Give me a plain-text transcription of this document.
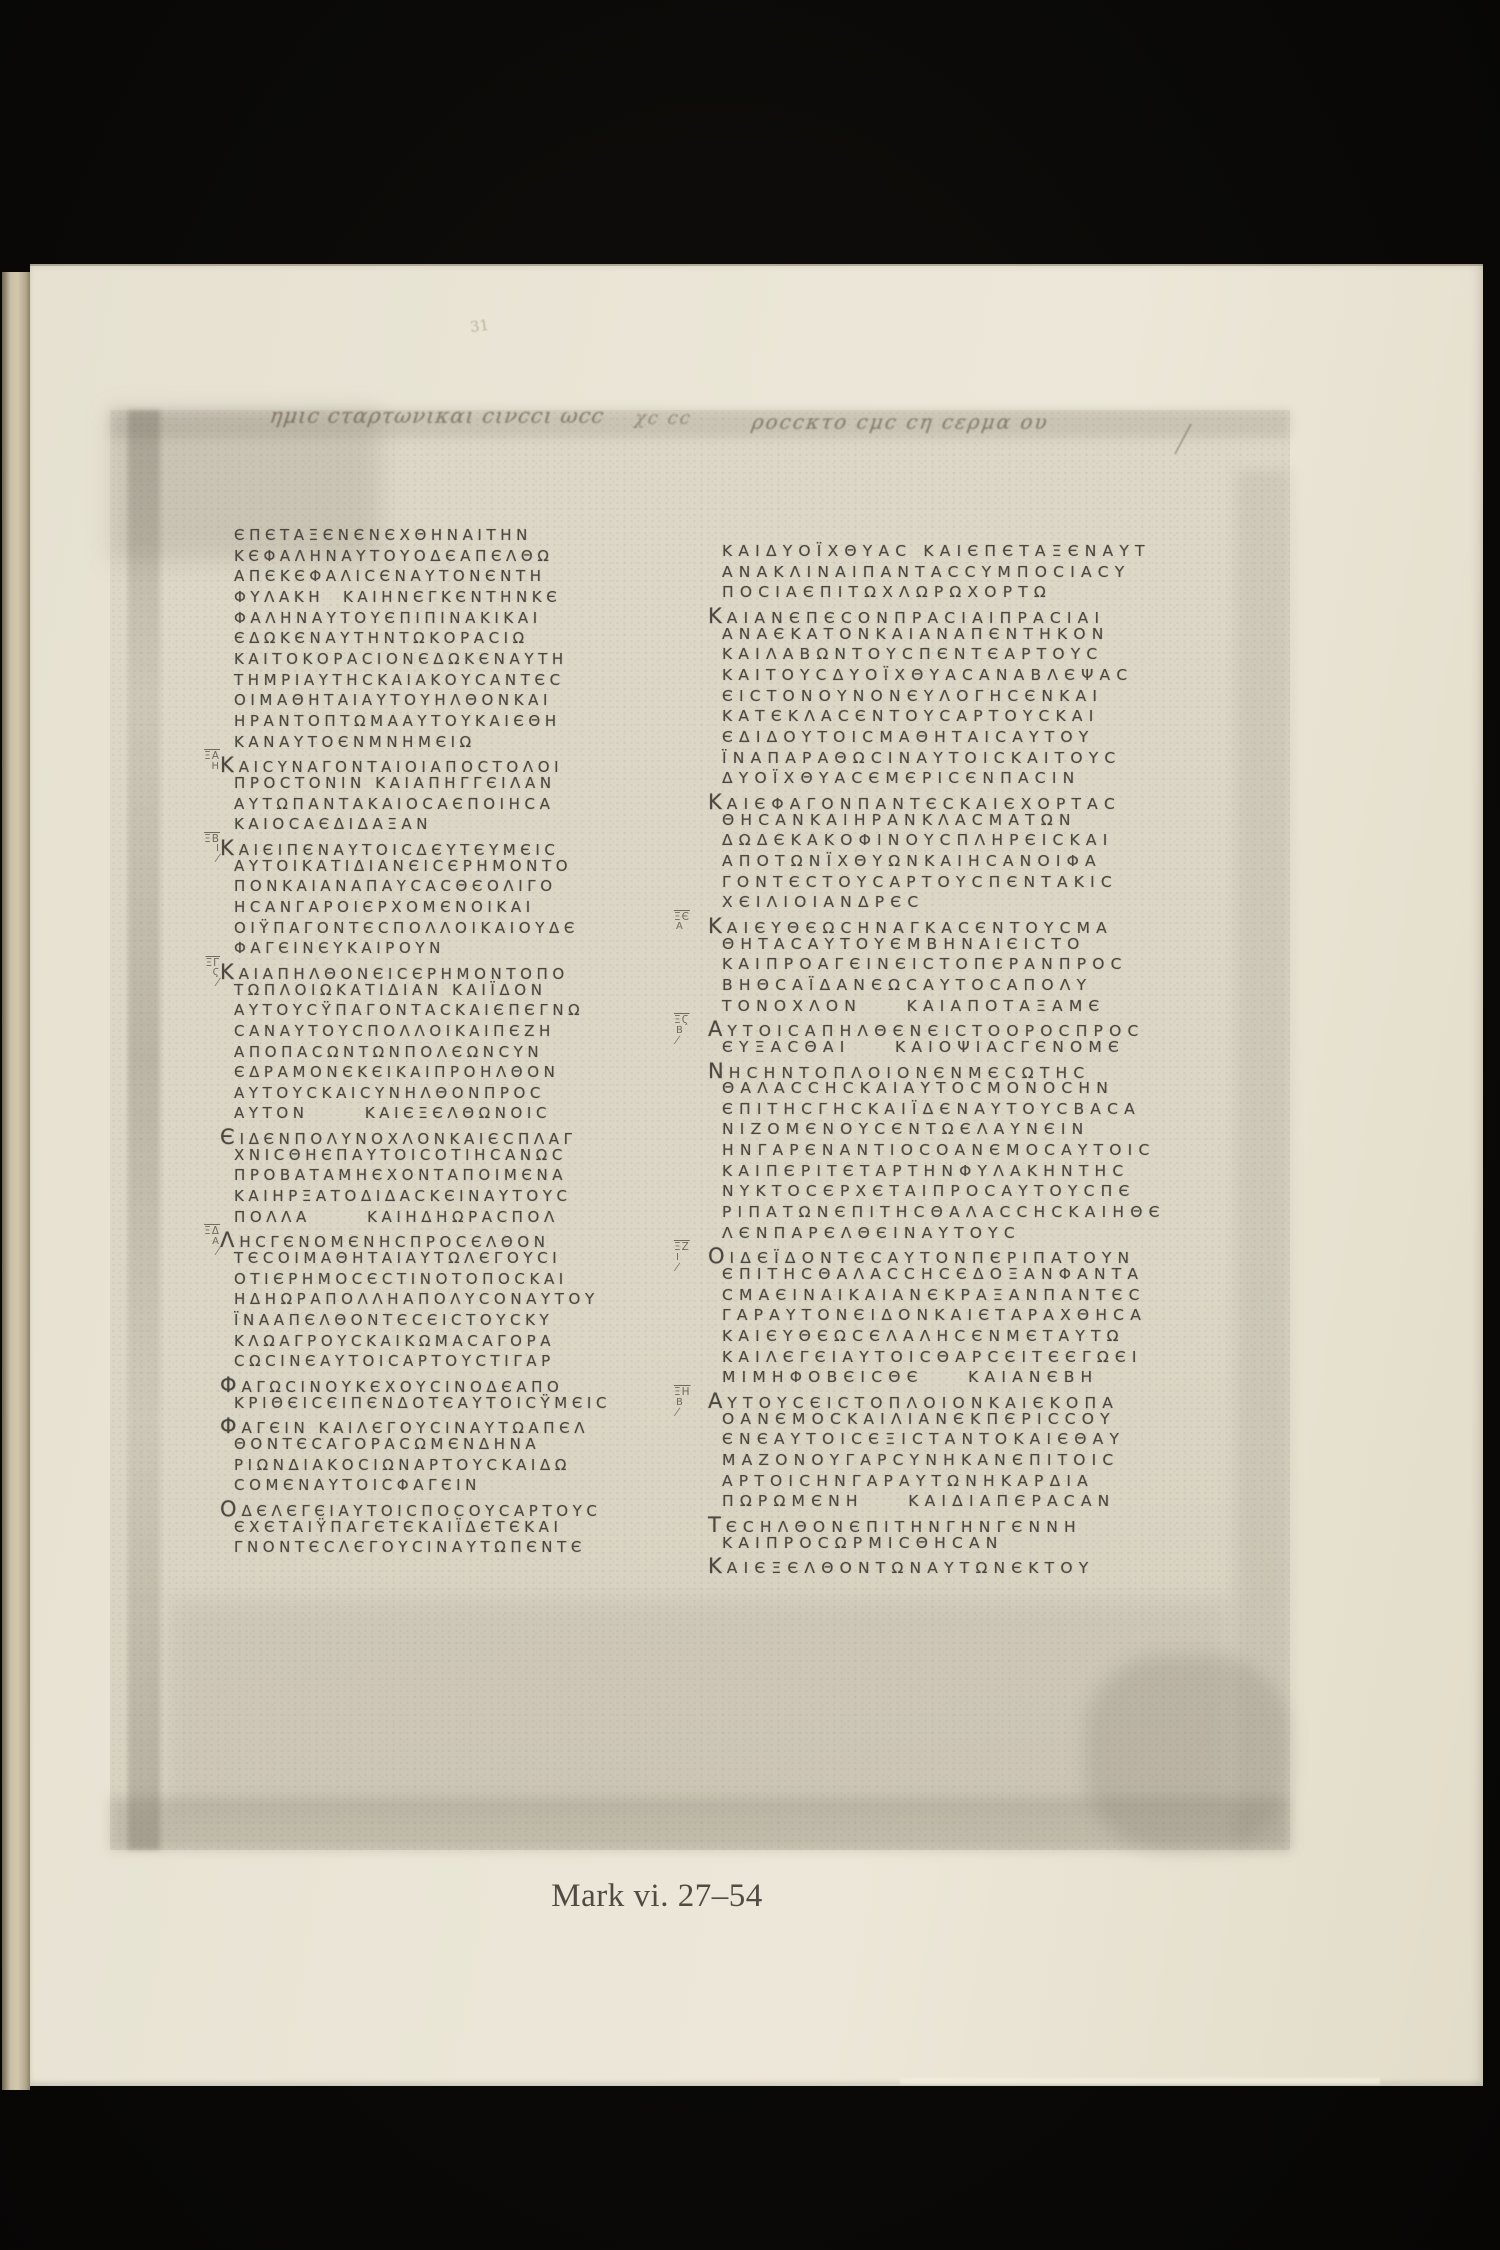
ημιϲ ϲταρτωνικαι ϲινϲϲι ωϲϲ χϲ ϲϲ	ροϲϲκτο ϲμϲ ϲη ϲερμα ου
ЄΠЄΤΑΞЄΝЄΝЄΧΘΗΝΑΙΤΗΝ
ΚЄΦΑΛΗΝΑΥΤΟΥΟΔЄΑΠЄΛΘΩ
ΑΠЄΚЄΦΑΛΙϹЄΝΑΥΤΟΝЄΝΤΗ
ΦΥΛΑΚΗ  ΚΑΙΗΝЄΓΚЄΝΤΗΝΚЄ
ΦΑΛΗΝΑΥΤΟΥЄΠΙΠΙΝΑΚΙΚΑΙ
ЄΔΩΚЄΝΑΥΤΗΝΤΩΚΟΡΑϹΙΩ
ΚΑΙΤΟΚΟΡΑϹΙΟΝЄΔΩΚЄΝΑΥΤΗ
ΤΗΜΡΙΑΥΤΗϹΚΑΙΑΚΟΥϹΑΝΤЄϹ
ΟΙΜΑΘΗΤΑΙΑΥΤΟΥΗΛΘΟΝΚΑΙ
ΗΡΑΝΤΟΠΤΩΜΑΑΥΤΟΥΚΑΙЄΘΗ
ΚΑΝΑΥΤΟЄΝΜΝΗΜЄΙΩ
ΚΑΙϹΥΝΑΓΟΝΤΑΙΟΙΑΠΟϹΤΟΛΟΙ
ΠΡΟϹΤΟΝΙΝ ΚΑΙΑΠΗΓΓЄΙΛΑΝ
ΑΥΤΩΠΑΝΤΑΚΑΙΟϹΑЄΠΟΙΗϹΑ
ΚΑΙΟϹΑЄΔΙΔΑΞΑΝ
ΚΑΙЄΙΠЄΝΑΥΤΟΙϹΔЄΥΤЄΥΜЄΙϹ
ΑΥΤΟΙΚΑΤΙΔΙΑΝЄΙϹЄΡΗΜΟΝΤΟ
ΠΟΝΚΑΙΑΝΑΠΑΥϹΑϹΘЄΟΛΙΓΟ
ΗϹΑΝΓΑΡΟΙЄΡΧΟΜЄΝΟΙΚΑΙ
ΟΙΫΠΑΓΟΝΤЄϹΠΟΛΛΟΙΚΑΙΟΥΔЄ
ΦΑΓЄΙΝЄΥΚΑΙΡΟΥΝ
ΚΑΙΑΠΗΛΘΟΝЄΙϹЄΡΗΜΟΝΤΟΠΟ
ΤΩΠΛΟΙΩΚΑΤΙΔΙΑΝ ΚΑΙΪΔΟΝ
ΑΥΤΟΥϹΫΠΑΓΟΝΤΑϹΚΑΙЄΠЄΓΝΩ
ϹΑΝΑΥΤΟΥϹΠΟΛΛΟΙΚΑΙΠЄΖΗ
ΑΠΟΠΑϹΩΝΤΩΝΠΟΛЄΩΝϹΥΝ
ЄΔΡΑΜΟΝЄΚЄΙΚΑΙΠΡΟΗΛΘΟΝ
ΑΥΤΟΥϹΚΑΙϹΥΝΗΛΘΟΝΠΡΟϹ
ΑΥΤΟΝ      ΚΑΙЄΞЄΛΘΩΝΟΙϹ
ЄΙΔЄΝΠΟΛΥΝΟΧΛΟΝΚΑΙЄϹΠΛΑΓ
ΧΝΙϹΘΗЄΠΑΥΤΟΙϹΟΤΙΗϹΑΝΩϹ
ΠΡΟΒΑΤΑΜΗЄΧΟΝΤΑΠΟΙΜЄΝΑ
ΚΑΙΗΡΞΑΤΟΔΙΔΑϹΚЄΙΝΑΥΤΟΥϹ
ΠΟΛΛΑ      ΚΑΙΗΔΗΩΡΑϹΠΟΛ
ΛΗϹΓЄΝΟΜЄΝΗϹΠΡΟϹЄΛΘΟΝ
ΤЄϹΟΙΜΑΘΗΤΑΙΑΥΤΩΛЄΓΟΥϹΙ
ΟΤΙЄΡΗΜΟϹЄϹΤΙΝΟΤΟΠΟϹΚΑΙ
ΗΔΗΩΡΑΠΟΛΛΗΑΠΟΛΥϹΟΝΑΥΤΟΥ
ΪΝΑΑΠЄΛΘΟΝΤЄϹЄΙϹΤΟΥϹΚΥ
ΚΛΩΑΓΡΟΥϹΚΑΙΚΩΜΑϹΑΓΟΡΑ
ϹΩϹΙΝЄΑΥΤΟΙϹΑΡΤΟΥϹΤΙΓΑΡ
ΦΑΓΩϹΙΝΟΥΚЄΧΟΥϹΙΝΟΔЄΑΠΟ
ΚΡΙΘЄΙϹЄΙΠЄΝΔΟΤЄΑΥΤΟΙϹΫΜЄΙϹ
ΦΑΓЄΙΝ ΚΑΙΛЄΓΟΥϹΙΝΑΥΤΩΑΠЄΛ
ΘΟΝΤЄϹΑΓΟΡΑϹΩΜЄΝΔΗΝΑ
ΡΙΩΝΔΙΑΚΟϹΙΩΝΑΡΤΟΥϹΚΑΙΔΩ
ϹΟΜЄΝΑΥΤΟΙϹΦΑΓЄΙΝ
ΟΔЄΛЄΓЄΙΑΥΤΟΙϹΠΟϹΟΥϹΑΡΤΟΥϹ
ЄΧЄΤΑΙΫΠΑΓЄΤЄΚΑΙΪΔЄΤЄΚΑΙ
ΓΝΟΝΤЄϹΛЄΓΟΥϹΙΝΑΥΤΩΠЄΝΤЄ
$\overline{\Xi A}$
Η
$\overline{\Xi B}$
Ι
/
$\overline{\Xi\Gamma}$
Ϛ
/
$\overline{\Xi\Delta}$
Α
/
ΚΑΙΔΥΟΪΧΘΥΑϹ ΚΑΙЄΠЄΤΑΞЄΝΑΥΤ
ΑΝΑΚΛΙΝΑΙΠΑΝΤΑϹϹΥΜΠΟϹΙΑϹΥ
ΠΟϹΙΑЄΠΙΤΩΧΛΩΡΩΧΟΡΤΩ
ΚΑΙΑΝЄΠЄϹΟΝΠΡΑϹΙΑΙΠΡΑϹΙΑΙ
ΑΝΑЄΚΑΤΟΝΚΑΙΑΝΑΠЄΝΤΗΚΟΝ
ΚΑΙΛΑΒΩΝΤΟΥϹΠЄΝΤЄΑΡΤΟΥϹ
ΚΑΙΤΟΥϹΔΥΟΪΧΘΥΑϹΑΝΑΒΛЄΨΑϹ
ЄΙϹΤΟΝΟΥΝΟΝЄΥΛΟΓΗϹЄΝΚΑΙ
ΚΑΤЄΚΛΑϹЄΝΤΟΥϹΑΡΤΟΥϹΚΑΙ
ЄΔΙΔΟΥΤΟΙϹΜΑΘΗΤΑΙϹΑΥΤΟΥ
ΪΝΑΠΑΡΑΘΩϹΙΝΑΥΤΟΙϹΚΑΙΤΟΥϹ
ΔΥΟΪΧΘΥΑϹЄΜЄΡΙϹЄΝΠΑϹΙΝ
ΚΑΙЄΦΑΓΟΝΠΑΝΤЄϹΚΑΙЄΧΟΡΤΑϹ
ΘΗϹΑΝΚΑΙΗΡΑΝΚΛΑϹΜΑΤΩΝ
ΔΩΔЄΚΑΚΟΦΙΝΟΥϹΠΛΗΡЄΙϹΚΑΙ
ΑΠΟΤΩΝΪΧΘΥΩΝΚΑΙΗϹΑΝΟΙΦΑ
ΓΟΝΤЄϹΤΟΥϹΑΡΤΟΥϹΠЄΝΤΑΚΙϹ
ΧЄΙΛΙΟΙΑΝΔΡЄϹ
ΚΑΙЄΥΘЄΩϹΗΝΑΓΚΑϹЄΝΤΟΥϹΜΑ
ΘΗΤΑϹΑΥΤΟΥЄΜΒΗΝΑΙЄΙϹΤΟ
ΚΑΙΠΡΟΑΓЄΙΝЄΙϹΤΟΠЄΡΑΝΠΡΟϹ
ΒΗΘϹΑΪΔΑΝЄΩϹΑΥΤΟϹΑΠΟΛΥ
ΤΟΝΟΧΛΟΝ    ΚΑΙΑΠΟΤΑΞΑΜЄ
ΑΥΤΟΙϹΑΠΗΛΘЄΝЄΙϹΤΟΟΡΟϹΠΡΟϹ
ЄΥΞΑϹΘΑΙ    ΚΑΙΟΨΙΑϹΓЄΝΟΜЄ
ΝΗϹΗΝΤΟΠΛΟΙΟΝЄΝΜЄϹΩΤΗϹ
ΘΑΛΑϹϹΗϹΚΑΙΑΥΤΟϹΜΟΝΟϹΗΝ
ЄΠΙΤΗϹΓΗϹΚΑΙΪΔЄΝΑΥΤΟΥϹΒΑϹΑ
ΝΙΖΟΜЄΝΟΥϹЄΝΤΩЄΛΑΥΝЄΙΝ
ΗΝΓΑΡЄΝΑΝΤΙΟϹΟΑΝЄΜΟϹΑΥΤΟΙϹ
ΚΑΙΠЄΡΙΤЄΤΑΡΤΗΝΦΥΛΑΚΗΝΤΗϹ
ΝΥΚΤΟϹЄΡΧЄΤΑΙΠΡΟϹΑΥΤΟΥϹΠЄ
ΡΙΠΑΤΩΝЄΠΙΤΗϹΘΑΛΑϹϹΗϹΚΑΙΗΘЄ
ΛЄΝΠΑΡЄΛΘЄΙΝΑΥΤΟΥϹ
ΟΙΔЄΪΔΟΝΤЄϹΑΥΤΟΝΠЄΡΙΠΑΤΟΥΝ
ЄΠΙΤΗϹΘΑΛΑϹϹΗϹЄΔΟΞΑΝΦΑΝΤΑ
ϹΜΑЄΙΝΑΙΚΑΙΑΝЄΚΡΑΞΑΝΠΑΝΤЄϹ
ΓΑΡΑΥΤΟΝЄΙΔΟΝΚΑΙЄΤΑΡΑΧΘΗϹΑ
ΚΑΙЄΥΘЄΩϹЄΛΑΛΗϹЄΝΜЄΤΑΥΤΩ
ΚΑΙΛЄΓЄΙΑΥΤΟΙϹΘΑΡϹЄΙΤЄЄΓΩЄΙ
ΜΙΜΗΦΟΒЄΙϹΘЄ    ΚΑΙΑΝЄΒΗ
ΑΥΤΟΥϹЄΙϹΤΟΠΛΟΙΟΝΚΑΙЄΚΟΠΑ
ΟΑΝЄΜΟϹΚΑΙΛΙΑΝЄΚΠЄΡΙϹϹΟΥ
ЄΝЄΑΥΤΟΙϹЄΞΙϹΤΑΝΤΟΚΑΙЄΘΑΥ
ΜΑΖΟΝΟΥΓΑΡϹΥΝΗΚΑΝЄΠΙΤΟΙϹ
ΑΡΤΟΙϹΗΝΓΑΡΑΥΤΩΝΗΚΑΡΔΙΑ
ΠΩΡΩΜЄΝΗ    ΚΑΙΔΙΑΠЄΡΑϹΑΝ
ΤЄϹΗΛΘΟΝЄΠΙΤΗΝΓΗΝΓЄΝΝΗ
ΚΑΙΠΡΟϹΩΡΜΙϹΘΗϹΑΝ
ΚΑΙЄΞЄΛΘΟΝΤΩΝΑΥΤΩΝЄΚΤΟΥ
ΞЄ
Α
$\overline{\Xi Ϛ}$
Β
/
$\overline{\Xi Z}$
Ι
/
$\overline{\Xi H}$
Β
/
31
Mark vi. 27–54
